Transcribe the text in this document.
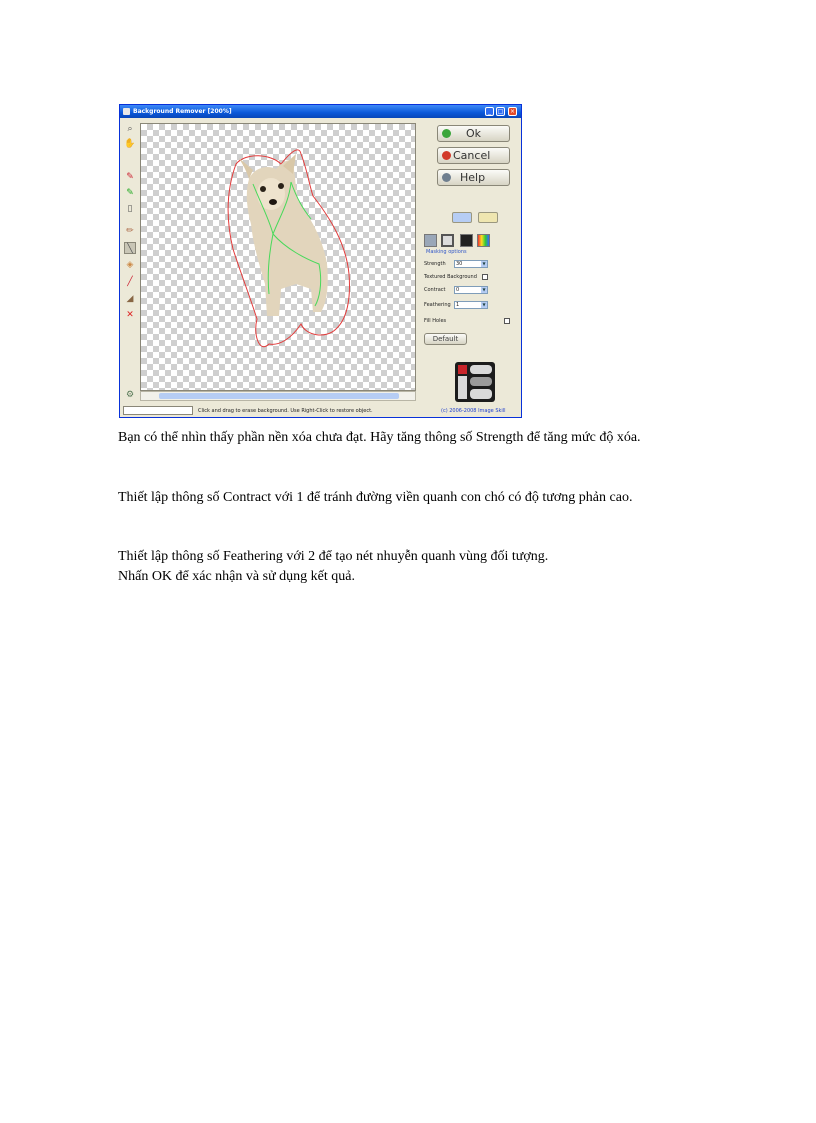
Background Remover [200%]	_	□	×
⌕
✋
✎
✎
▯
✏
╲
◈
╱
◢
✕
⚙
Ok
Cancel
Help
Masking options
Strength	30	▼
Textured Background
Contract	0	▼
Feathering	1	▼
Fill Holes
Default
Click and drag to erase background. Use Right-Click to restore object.	(c) 2006-2008 Image Skill

Bạn có thể nhìn thấy phần nền xóa chưa đạt. Hãy tăng thông số Strength để tăng mức độ xóa.

Thiết lập thông số Contract với 1 để tránh đường viền quanh con chó có độ tương phản cao.

Thiết lập thông số Feathering với 2 để tạo nét nhuyễn quanh vùng đối tượng.

Nhấn OK để xác nhận và sử dụng kết quả.
